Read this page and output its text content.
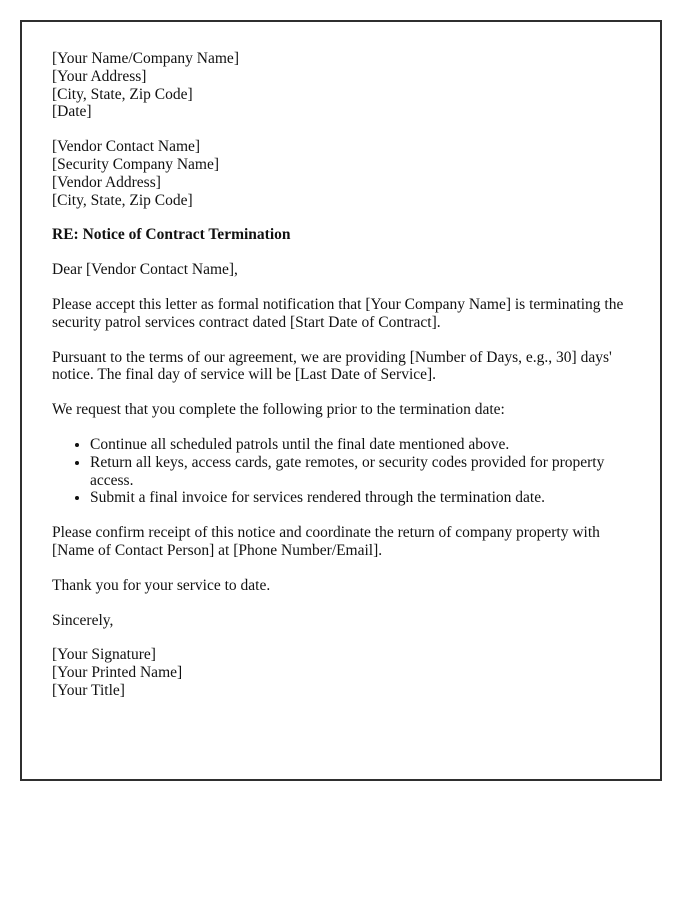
[Your Name/Company Name]
[Your Address]
[City, State, Zip Code]
[Date]
[Vendor Contact Name]
[Security Company Name]
[Vendor Address]
[City, State, Zip Code]

RE: Notice of Contract Termination

Dear [Vendor Contact Name],

Please accept this letter as formal notification that [Your Company Name] is terminating the security patrol services contract dated [Start Date of Contract].

Pursuant to the terms of our agreement, we are providing [Number of Days, e.g., 30] days' notice. The final day of service will be [Last Date of Service].

We request that you complete the following prior to the termination date:

• Continue all scheduled patrols until the final date mentioned above.
• Return all keys, access cards, gate remotes, or security codes provided for property access.
• Submit a final invoice for services rendered through the termination date.

Please confirm receipt of this notice and coordinate the return of company property with [Name of Contact Person] at [Phone Number/Email].

Thank you for your service to date.

Sincerely,

[Your Signature]
[Your Printed Name]
[Your Title]
